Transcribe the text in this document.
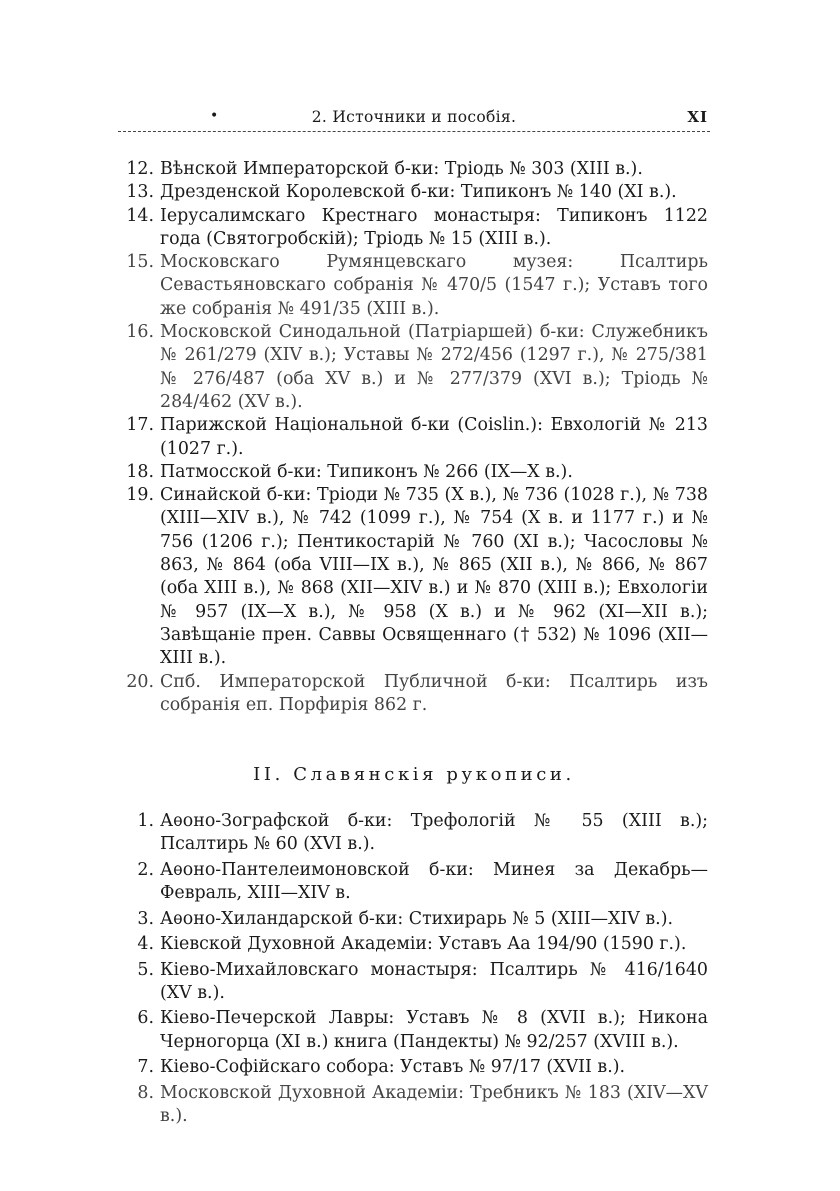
•	2. Источники и пособія.	XI

12. Вѣнской Императорской б-ки: Тріодь № 303 (XIII в.).

13. Дрезденской Королевской б-ки: Типиконъ № 140 (XI в.).

14. Іерусалимскаго Крестнаго монастыря: Типиконъ 1122 года (Святогробскій); Тріодь № 15 (XIII в.).

15. Московскаго Румянцевскаго музея: Псалтирь Севастьяновскаго собранія № 470/5 (1547 г.); Уставъ того же собранія № 491/35 (XIII в.).

16. Московской Синодальной (Патріаршей) б-ки: Служебникъ № 261/279 (XIV в.); Уставы № 272/456 (1297 г.), № 275/381 № 276/487 (оба XV в.) и № 277/379 (XVI в.); Тріодь № 284/462 (XV в.).

17. Парижской Національной б-ки (Coislin.): Евхологій № 213 (1027 г.).

18. Патмосской б-ки: Типиконъ № 266 (IX—X в.).

19. Синайской б-ки: Тріоди № 735 (X в.), № 736 (1028 г.), № 738 (XIII—XIV в.), № 742 (1099 г.), № 754 (X в. и 1177 г.) и № 756 (1206 г.); Пентикостарій № 760 (XI в.); Часословы № 863, № 864 (оба VIII—IX в.), № 865 (XII в.), № 866, № 867 (оба XIII в.), № 868 (XII—XIV в.) и № 870 (XIII в.); Евхологіи № 957 (IX—X в.), № 958 (X в.) и № 962 (XI—XII в.); Завѣщаніе прен. Саввы Освященнаго († 532) № 1096 (XII—XIII в.).

20. Спб. Императорской Публичной б-ки: Псалтирь изъ собранія еп. Порфирія 862 г.

II. Славянскія рукописи.

1. Аѳоно-Зографской б-ки: Трефологій № 55 (XIII в.); Псалтирь № 60 (XVI в.).

2. Аѳоно-Пантелеимоновской б-ки: Минея за Декабрь—Февраль, XIII—XIV в.

3. Аѳоно-Хиландарской б-ки: Стихирарь № 5 (XIII—XIV в.).

4. Кіевской Духовной Академіи: Уставъ Аа 194/90 (1590 г.).

5. Кіево-Михайловскаго монастыря: Псалтирь № 416/1640 (XV в.).

6. Кіево-Печерской Лавры: Уставъ № 8 (XVII в.); Никона Черногорца (XI в.) книга (Пандекты) № 92/257 (XVIII в.).

7. Кіево-Софійскаго собора: Уставъ № 97/17 (XVII в.).

8. Московской Духовной Академіи: Требникъ № 183 (XIV—XV в.).
